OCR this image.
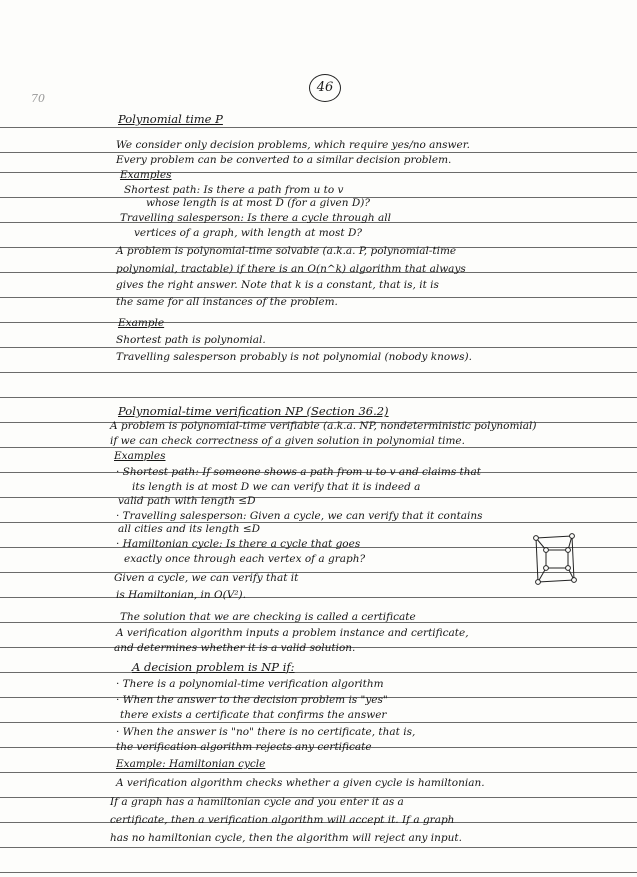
70
46
Polynomial time P
We consider only decision problems, which require yes/no answer.
Every problem can be converted to a similar decision problem.
Examples
Shortest path: Is there a path from u to v
whose length is at most D (for a given D)?
Travelling salesperson: Is there a cycle through all
vertices of a graph, with length at most D?
A problem is polynomial-time solvable (a.k.a. P, polynomial-time
polynomial, tractable) if there is an O(n^k) algorithm that always
gives the right answer. Note that k is a constant, that is, it is
the same for all instances of the problem.
Example
Shortest path is polynomial.
Travelling salesperson probably is not polynomial (nobody knows).
Polynomial-time verification NP (Section 36.2)
A problem is polynomial-time verifiable (a.k.a. NP, nondeterministic polynomial)
if we can check correctness of a given solution in polynomial time.
Examples
· Shortest path: If someone shows a path from u to v and claims that
its length is at most D we can verify that it is indeed a
valid path with length ≤D
· Travelling salesperson: Given a cycle, we can verify that it contains
all cities and its length ≤D
· Hamiltonian cycle: Is there a cycle that goes
exactly once through each vertex of a graph?
Given a cycle, we can verify that it
is Hamiltonian, in O(V²).
The solution that we are checking is called a certificate
A verification algorithm inputs a problem instance and certificate,
and determines whether it is a valid solution.
A decision problem is NP if:
· There is a polynomial-time verification algorithm
· When the answer to the decision problem is "yes"
there exists a certificate that confirms the answer
· When the answer is "no" there is no certificate, that is,
the verification algorithm rejects any certificate
Example: Hamiltonian cycle
A verification algorithm checks whether a given cycle is hamiltonian.
If a graph has a hamiltonian cycle and you enter it as a
certificate, then a verification algorithm will accept it. If a graph
has no hamiltonian cycle, then the algorithm will reject any input.
